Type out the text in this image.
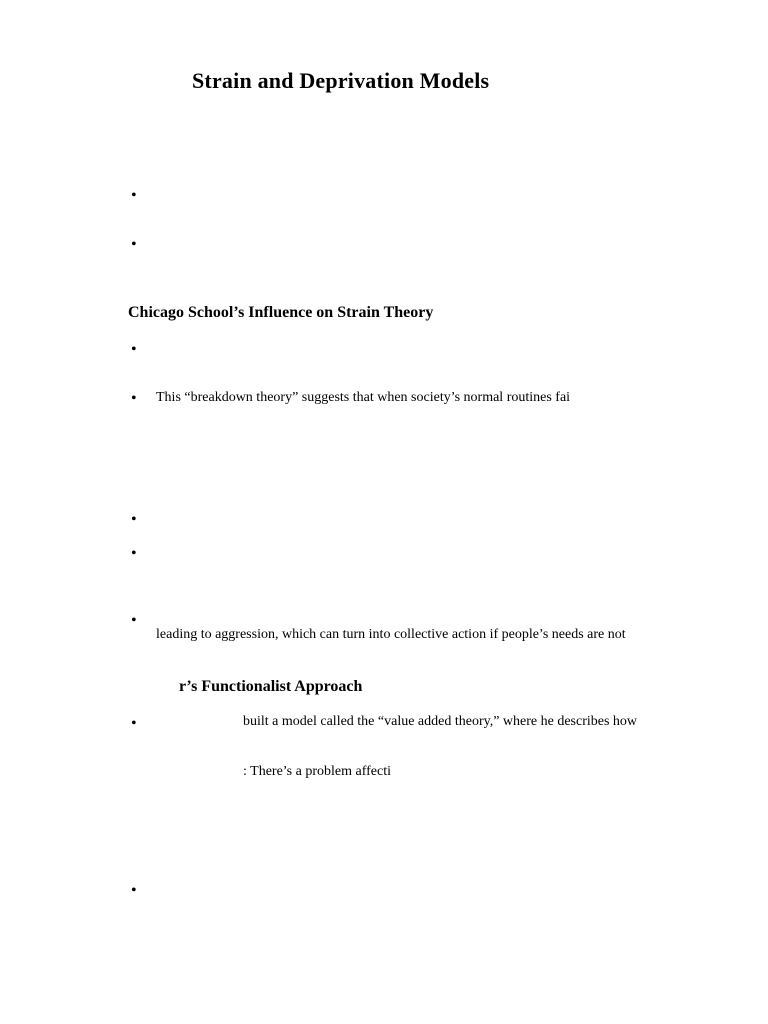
Strain and Deprivation Models
•
•
Chicago School’s Influence on Strain Theory
•
• This “breakdown theory” suggests that when society’s normal routines fai
•
•
•
leading to aggression, which can turn into collective action if people’s needs are not
r’s Functionalist Approach
•	built a model called the “value added theory,” where he describes how
: There’s a problem affecti
•
